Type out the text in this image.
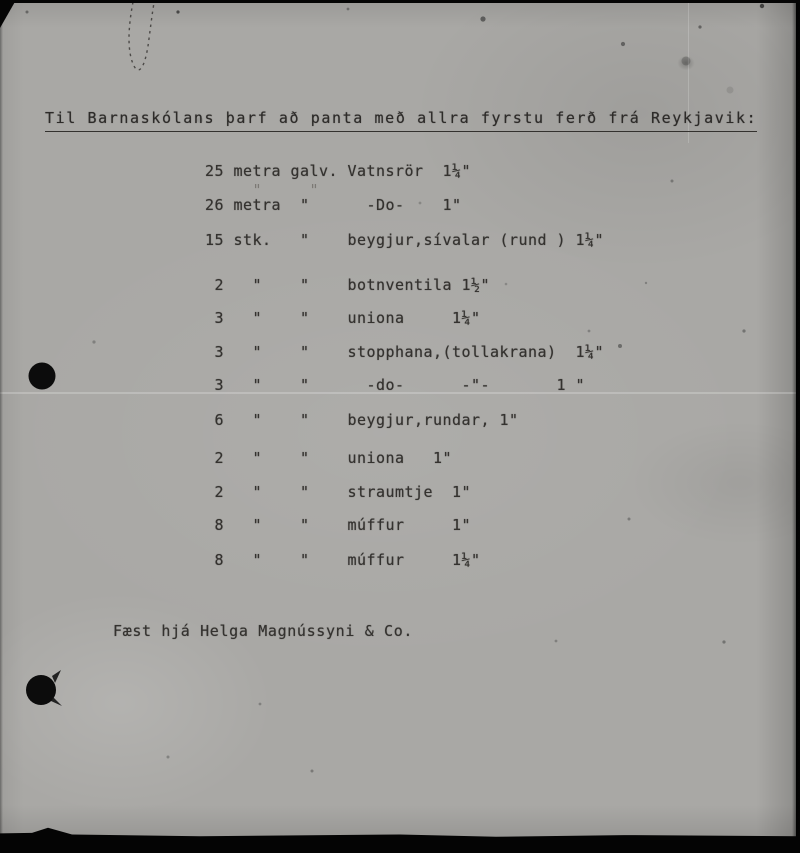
Til Barnaskólans þarf að panta með allra fyrstu ferð frá Reykjavik:
25 metra galv. Vatnsrör  1¼"
"     "
26 metra  "      -Do-    1"
15 stk.   "    beygjur,sívalar (rund ) 1¼"
2   "    "    botnventila 1½"
3   "    "    uniona     1¼"
3   "    "    stopphana,(tollakrana)  1¼"
3   "    "      -do-      -"-       1 "
6   "    "    beygjur,rundar, 1"
2   "    "    uniona   1"
2   "    "    straumtje  1"
8   "    "    múffur     1"
8   "    "    múffur     1¼"
Fæst hjá Helga Magnússyni & Co.
